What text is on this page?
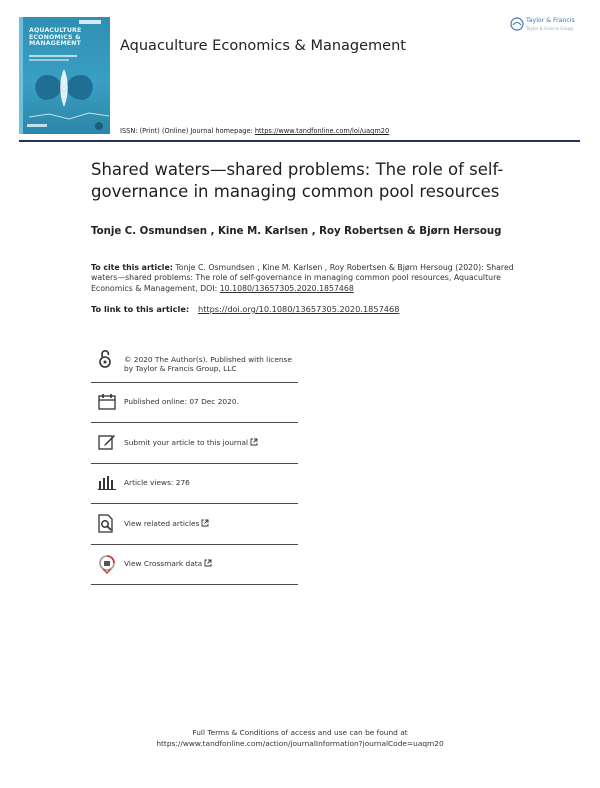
AQUACULTURE
ECONOMICS &
MANAGEMENT	Aquaculture Economics & Management
Taylor & Francis
Taylor & Francis Group
ISSN: (Print) (Online) Journal homepage: https://www.tandfonline.com/loi/uaqm20
Shared waters—shared problems: The role of self-governance in managing common pool resources
Tonje C. Osmundsen , Kine M. Karlsen , Roy Robertsen & Bjørn Hersoug
To cite this article: Tonje C. Osmundsen , Kine M. Karlsen , Roy Robertsen & Bjørn Hersoug (2020): Shared waters—shared problems: The role of self-governance in managing common pool resources, Aquaculture Economics & Management, DOI: 10.1080/13657305.2020.1857468
To link to this article: https://doi.org/10.1080/13657305.2020.1857468
© 2020 The Author(s). Published with license by Taylor & Francis Group, LLC
Published online: 07 Dec 2020.
Submit your article to this journal
Article views: 276
View related articles
View Crossmark data
Full Terms & Conditions of access and use can be found at
https://www.tandfonline.com/action/journalInformation?journalCode=uaqm20
